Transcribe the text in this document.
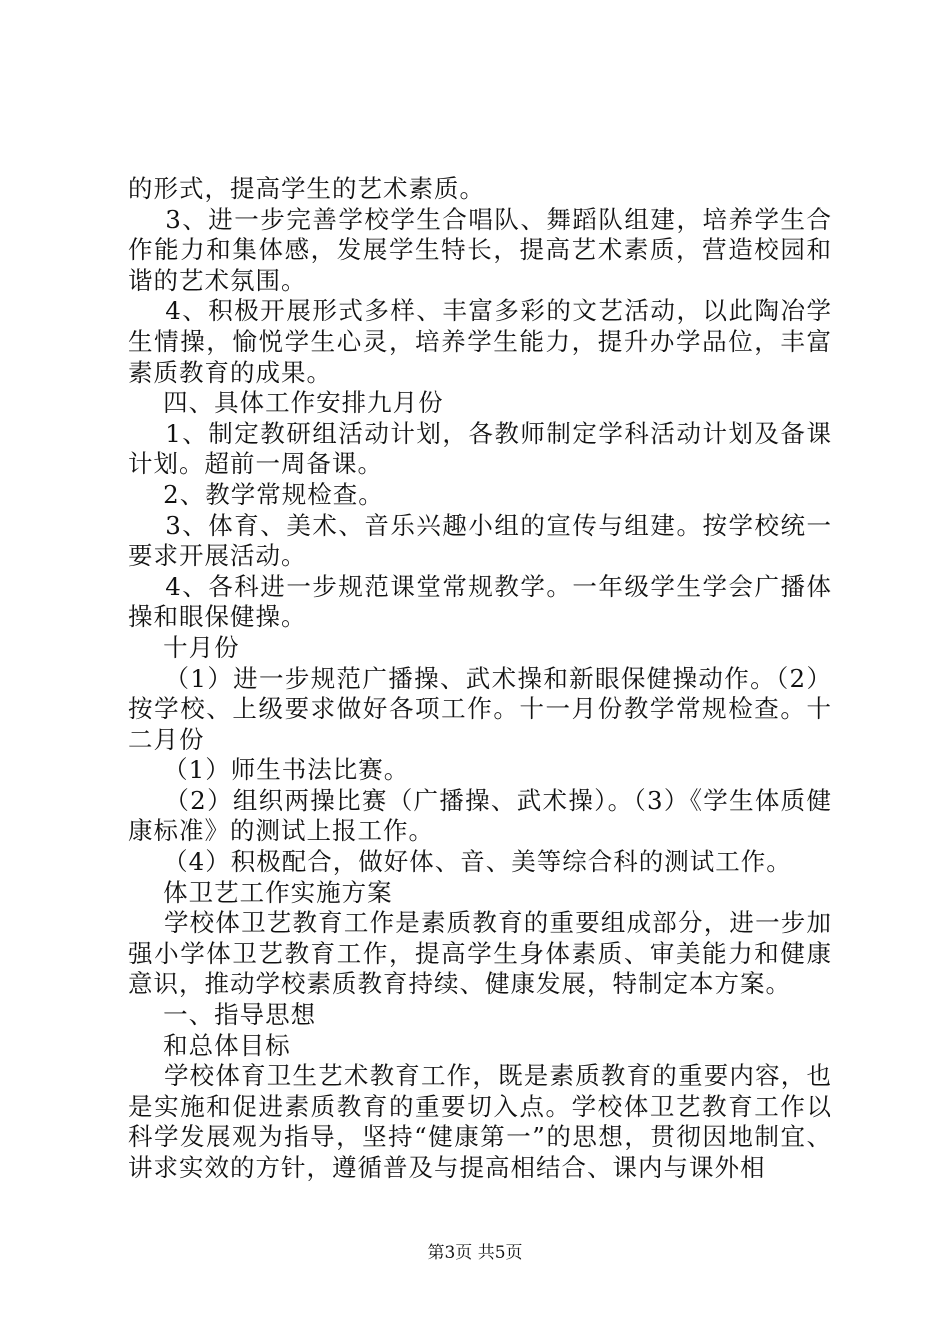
的形式，提高学生的艺术素质。

3、进一步完善学校学生合唱队、舞蹈队组建，培养学生合作能力和集体感，发展学生特长，提高艺术素质，营造校园和谐的艺术氛围。

4、积极开展形式多样、丰富多彩的文艺活动，以此陶冶学生情操，愉悦学生心灵，培养学生能力，提升办学品位，丰富素质教育的成果。

四、具体工作安排九月份

1、制定教研组活动计划，各教师制定学科活动计划及备课计划。超前一周备课。

2、教学常规检查。

3、体育、美术、音乐兴趣小组的宣传与组建。按学校统一要求开展活动。

4、各科进一步规范课堂常规教学。一年级学生学会广播体操和眼保健操。

十月份

（1）进一步规范广播操、武术操和新眼保健操动作。（2）按学校、上级要求做好各项工作。十一月份教学常规检查。十二月份

（1）师生书法比赛。

（2）组织两操比赛（广播操、武术操）。（3）《学生体质健康标准》的测试上报工作。

（4）积极配合，做好体、音、美等综合科的测试工作。

体卫艺工作实施方案

学校体卫艺教育工作是素质教育的重要组成部分，进一步加强小学体卫艺教育工作，提高学生身体素质、审美能力和健康意识，推动学校素质教育持续、健康发展，特制定本方案。

一、指导思想

和总体目标

学校体育卫生艺术教育工作，既是素质教育的重要内容，也是实施和促进素质教育的重要切入点。学校体卫艺教育工作以科学发展观为指导，坚持“健康第一”的思想，贯彻因地制宜、讲求实效的方针，遵循普及与提高相结合、课内与课外相

第3页 共5页
